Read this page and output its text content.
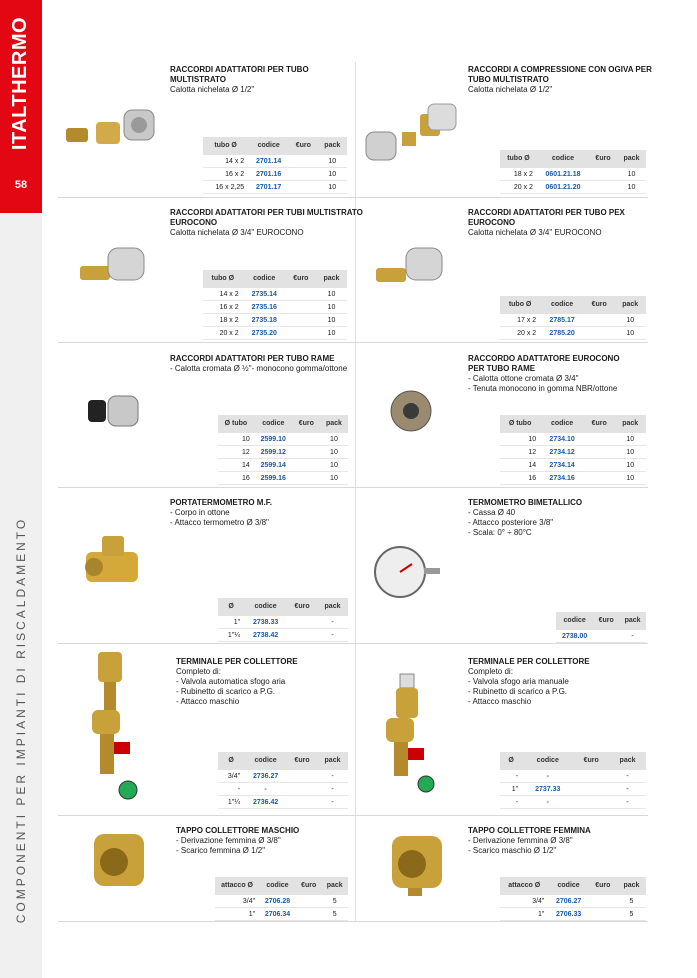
ITALTHERMO
58
COMPONENTI PER IMPIANTI DI RISCALDAMENTO
RACCORDI ADATTATORI PER TUBO
MULTISTRATO
Calotta nichelata Ø 1/2"
tubo Ø	codice	€uro	pack
14 x 2	2701.14		10
16 x 2	2701.16		10
16 x 2,25	2701.17		10
RACCORDI A COMPRESSIONE CON OGIVA PER
TUBO MULTISTRATO
Calotta nichelata Ø 1/2"
tubo Ø	codice	€uro	pack
18 x 2	0601.21.18		10
20 x 2	0601.21.20		10
RACCORDI ADATTATORI PER TUBI MULTISTRATO
EUROCONO
Calotta nichelata Ø 3/4" EUROCONO
tubo Ø	codice	€uro	pack
14 x 2	2735.14		10
16 x 2	2735.16		10
18 x 2	2735.18		10
20 x 2	2735.20		10
RACCORDI ADATTATORI PER TUBO PEX
EUROCONO
Calotta nichelata Ø 3/4" EUROCONO
tubo Ø	codice	€uro	pack
17 x 2	2785.17		10
20 x 2	2785.20		10
RACCORDI ADATTATORI PER TUBO RAME
- Calotta cromata Ø ½"- monocono gomma/ottone
Ø tubo	codice	€uro	pack
10	2599.10		10
12	2599.12		10
14	2599.14		10
16	2599.16		10
RACCORDO ADATTATORE EUROCONO
PER TUBO RAME
- Calotta ottone cromata Ø 3/4"
- Tenuta monocono in gomma NBR/ottone
Ø tubo	codice	€uro	pack
10	2734.10		10
12	2734.12		10
14	2734.14		10
16	2734.16		10
PORTATERMOMETRO M.F.
- Corpo in ottone
- Attacco termometro Ø 3/8"
Ø	codice	€uro	pack
1"	2738.33		-
1"¼	2738.42		-
TERMOMETRO BIMETALLICO
- Cassa Ø 40
- Attacco posteriore 3/8"
- Scala: 0° ÷ 80°C
codice	€uro	pack
2738.00		-
TERMINALE PER COLLETTORE
Completo di:
- Valvola automatica sfogo aria
- Rubinetto di scarico a P.G.
- Attacco maschio
Ø	codice	€uro	pack
3/4"	2736.27		-
-	-		-
1"¼	2736.42		-
TERMINALE PER COLLETTORE
Completo di:
- Valvola sfogo aria manuale
- Rubinetto di scarico a P.G.
- Attacco maschio
Ø	codice	€uro	pack
-	-		-
1"	2737.33		-
-	-		-
TAPPO COLLETTORE MASCHIO
- Derivazione femmina Ø 3/8"
- Scarico femmina Ø 1/2"
attacco Ø	codice	€uro	pack
3/4"	2706.28		5
1"	2706.34		5
TAPPO COLLETTORE FEMMINA
- Derivazione femmina Ø 3/8"
- Scarico maschio Ø 1/2"
attacco Ø	codice	€uro	pack
3/4"	2706.27		5
1"	2706.33		5
